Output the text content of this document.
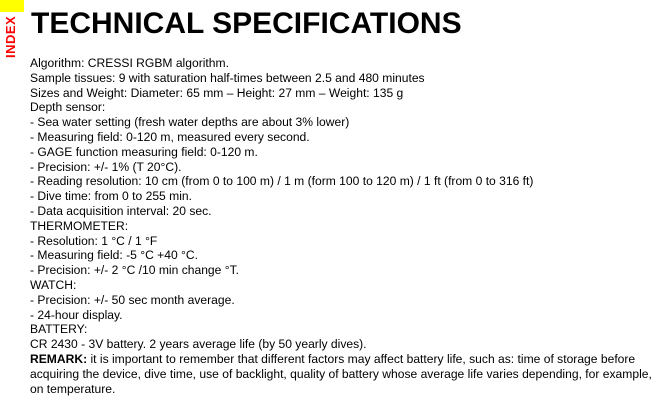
INDEX TECHNICAL SPECIFICATIONS
Algorithm: CRESSI RGBM algorithm.
Sample tissues: 9 with saturation half-times between 2.5 and 480 minutes
Sizes and Weight: Diameter: 65 mm – Height: 27 mm – Weight: 135 g
Depth sensor:
- Sea water setting (fresh water depths are about 3% lower)
- Measuring field: 0-120 m, measured every second.
- GAGE function measuring field: 0-120 m.
- Precision: +/- 1% (T 20°C).
- Reading resolution: 10 cm (from 0 to 100 m) / 1 m (form 100 to 120 m) / 1 ft (from 0 to 316 ft)
- Dive time: from 0 to 255 min.
- Data acquisition interval: 20 sec.
THERMOMETER:
- Resolution: 1 °C / 1 °F
- Measuring field: -5 °C +40 °C.
- Precision: +/- 2 °C /10 min change °T.
WATCH:
- Precision: +/- 50 sec month average.
- 24-hour display.
BATTERY:
CR 2430 - 3V battery. 2 years average life (by 50 yearly dives).
REMARK: it is important to remember that different factors may affect battery life, such as: time of storage before acquiring the device, dive time, use of backlight, quality of battery whose average life varies depending, for example, on temperature.
